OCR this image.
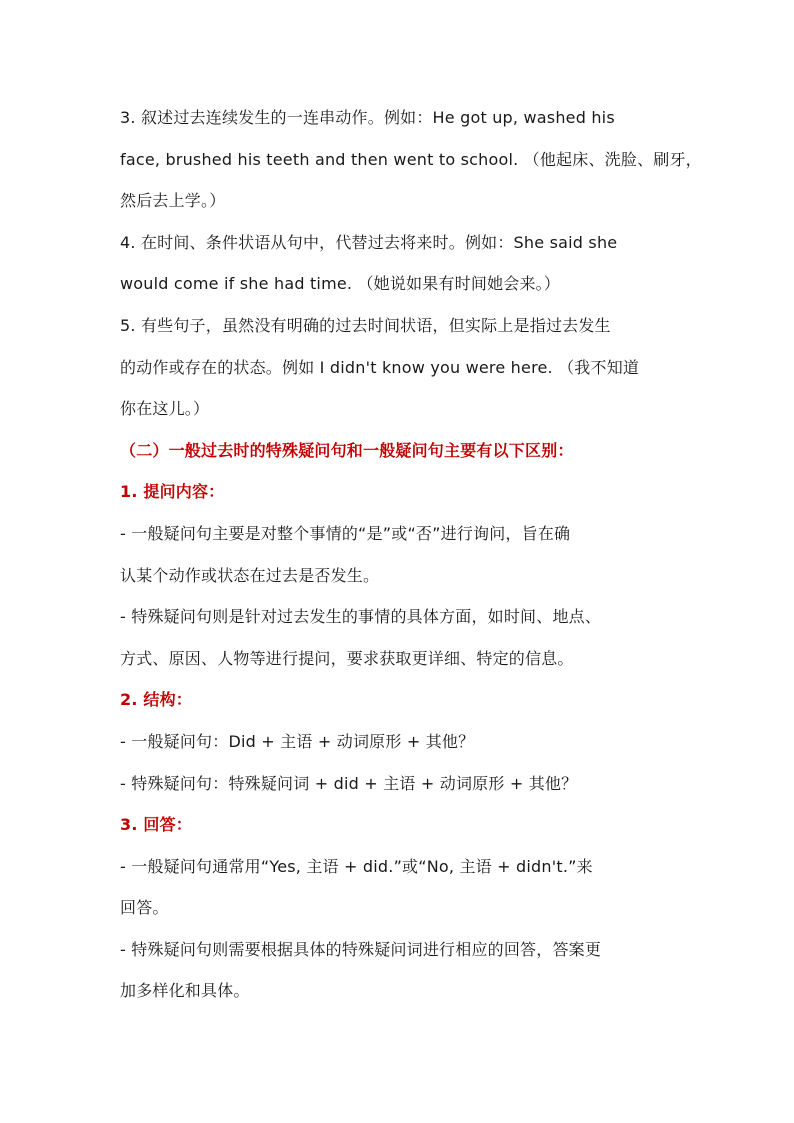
3. 叙述过去连续发生的一连串动作。例如：He got up, washed his
face, brushed his teeth and then went to school. （他起床、洗脸、刷牙，
然后去上学。）
4. 在时间、条件状语从句中，代替过去将来时。例如：She said she
would come if she had time. （她说如果有时间她会来。）
5. 有些句子，虽然没有明确的过去时间状语，但实际上是指过去发生
的动作或存在的状态。例如 I didn't know you were here. （我不知道
你在这儿。）
（二）一般过去时的特殊疑问句和一般疑问句主要有以下区别：
1. 提问内容：
- 一般疑问句主要是对整个事情的“是”或“否”进行询问，旨在确
认某个动作或状态在过去是否发生。
- 特殊疑问句则是针对过去发生的事情的具体方面，如时间、地点、
方式、原因、人物等进行提问，要求获取更详细、特定的信息。
2. 结构：
- 一般疑问句：Did + 主语 + 动词原形 + 其他？
- 特殊疑问句：特殊疑问词 + did + 主语 + 动词原形 + 其他？
3. 回答：
- 一般疑问句通常用“Yes, 主语 + did.”或“No, 主语 + didn't.”来
回答。
- 特殊疑问句则需要根据具体的特殊疑问词进行相应的回答，答案更
加多样化和具体。
